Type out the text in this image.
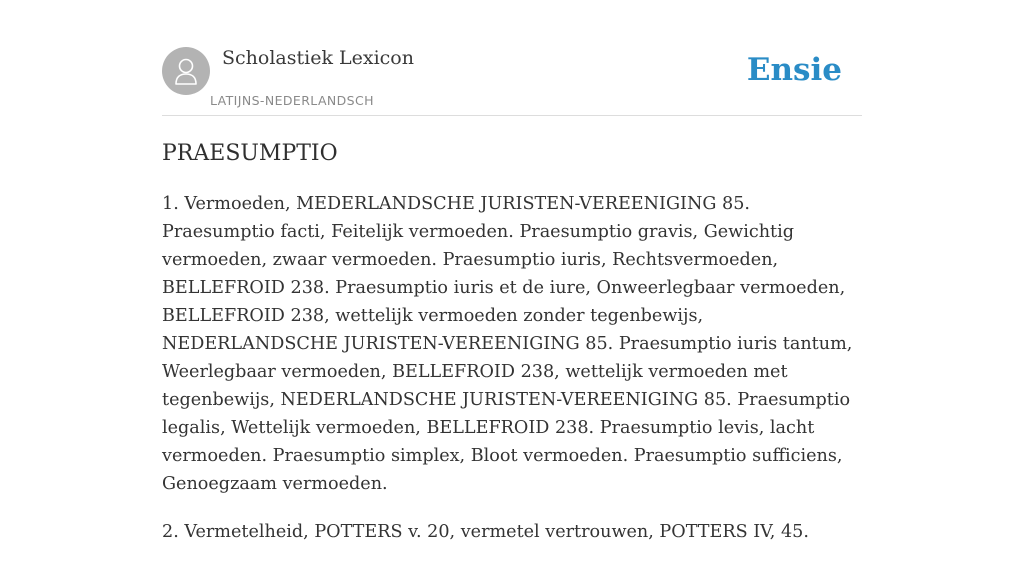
Scholastiek Lexicon
LATIJNS-NEDERLANDSCH
Ensie
PRAESUMPTIO

1. Vermoeden, MEDERLANDSCHE JURISTEN-VEREENIGING 85. Praesumptio facti, Feitelijk vermoeden. Praesumptio gravis, Gewichtig vermoeden, zwaar vermoeden. Praesumptio iuris, Rechtsvermoeden, BELLEFROID 238. Praesumptio iuris et de iure, Onweerlegbaar vermoeden, BELLEFROID 238, wettelijk vermoeden zonder tegenbewijs, NEDERLANDSCHE JURISTEN-VEREENIGING 85. Praesumptio iuris tantum, Weerlegbaar vermoeden, BELLEFROID 238, wettelijk vermoeden met tegenbewijs, NEDERLANDSCHE JURISTEN-VEREENIGING 85. Praesumptio legalis, Wettelijk vermoeden, BELLEFROID 238. Praesumptio levis, lacht vermoeden. Praesumptio simplex, Bloot vermoeden. Praesumptio sufficiens, Genoegzaam vermoeden.

2. Vermetelheid, POTTERS v. 20, vermetel vertrouwen, POTTERS IV, 45.
